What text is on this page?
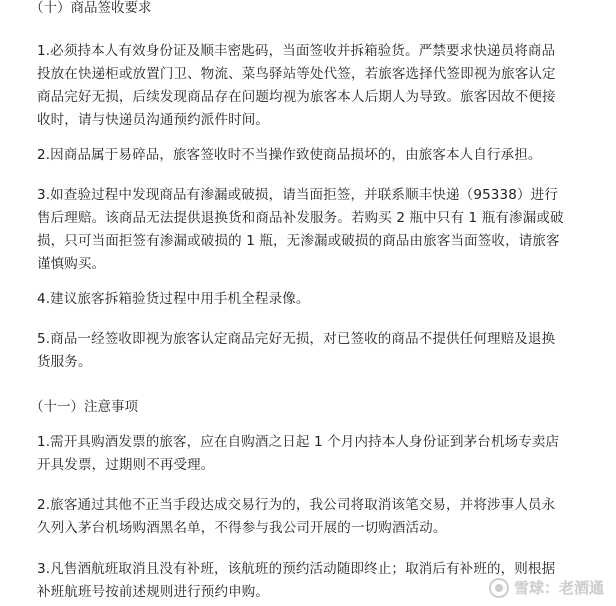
（十）商品签收要求
1.必须持本人有效身份证及顺丰密匙码，当面签收并拆箱验货。严禁要求快递员将商品
投放在快递柜或放置门卫、物流、菜鸟驿站等处代签，若旅客选择代签即视为旅客认定
商品完好无损，后续发现商品存在问题均视为旅客本人后期人为导致。旅客因故不便接
收时，请与快递员沟通预约派件时间。
2.因商品属于易碎品，旅客签收时不当操作致使商品损坏的，由旅客本人自行承担。
3.如查验过程中发现商品有渗漏或破损，请当面拒签，并联系顺丰快递（95338）进行
售后理赔。该商品无法提供退换货和商品补发服务。若购买 2 瓶中只有 1 瓶有渗漏或破
损，只可当面拒签有渗漏或破损的 1 瓶，无渗漏或破损的商品由旅客当面签收，请旅客
谨慎购买。
4.建议旅客拆箱验货过程中用手机全程录像。
5.商品一经签收即视为旅客认定商品完好无损，对已签收的商品不提供任何理赔及退换
货服务。
（十一）注意事项
1.需开具购酒发票的旅客，应在自购酒之日起 1 个月内持本人身份证到茅台机场专卖店
开具发票，过期则不再受理。
2.旅客通过其他不正当手段达成交易行为的，我公司将取消该笔交易，并将涉事人员永
久列入茅台机场购酒黑名单，不得参与我公司开展的一切购酒活动。
3.凡售酒航班取消且没有补班，该航班的预约活动随即终止；取消后有补班的，则根据
补班航班号按前述规则进行预约申购。	雪球：老酒通
